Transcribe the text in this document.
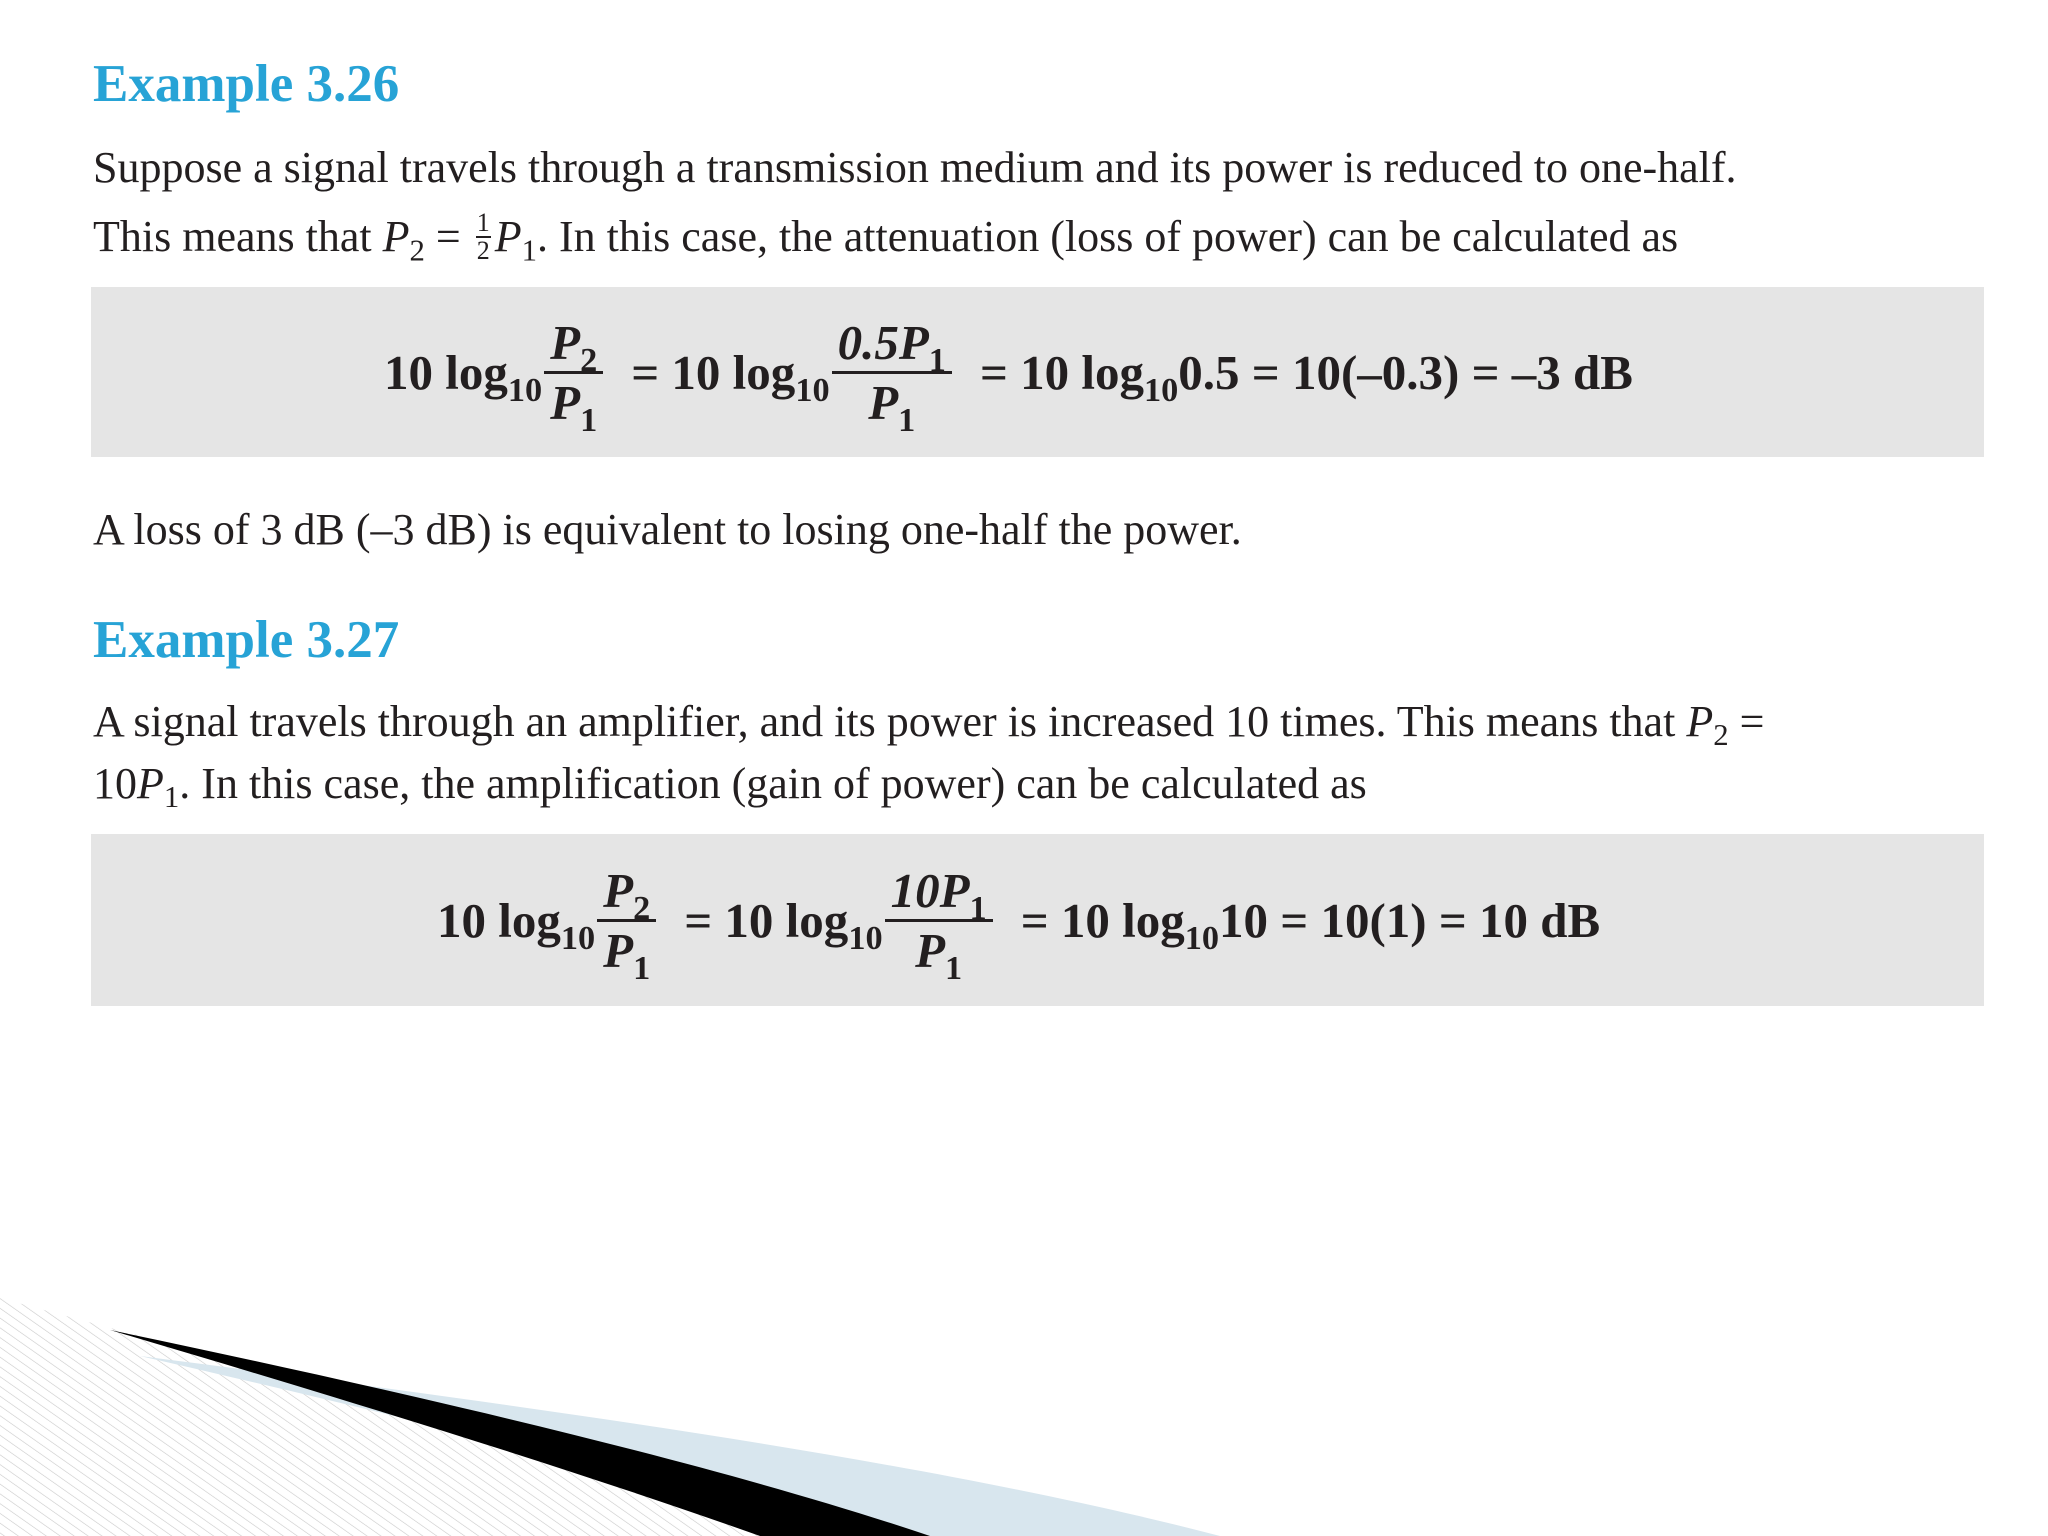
Example 3.26
Suppose a signal travels through a transmission medium and its power is reduced to one-half.
This means that $P_2 = \frac{1}{2} P_1$. In this case, the attenuation (loss of power) can be calculated as
10 $\log_{10} \frac{P_2}{P_1} = 10$ $\log_{10} \frac{0.5P_1}{P_1} = 10$ $\log_{10}0.5 = 10(-0.3) = -3$ dB
A loss of 3 dB (–3 dB) is equivalent to losing one-half the power.
Example 3.27
A signal travels through an amplifier, and its power is increased 10 times. This means that $P_2$ =
$10P_1$. In this case, the amplification (gain of power) can be calculated as
10 $\log_{10} \frac{P_2}{P_1} = 10$ $\log_{10} \frac{10P_1}{P_1} = 10$ $\log_{10}10 = 10(1) = 10$ dB
